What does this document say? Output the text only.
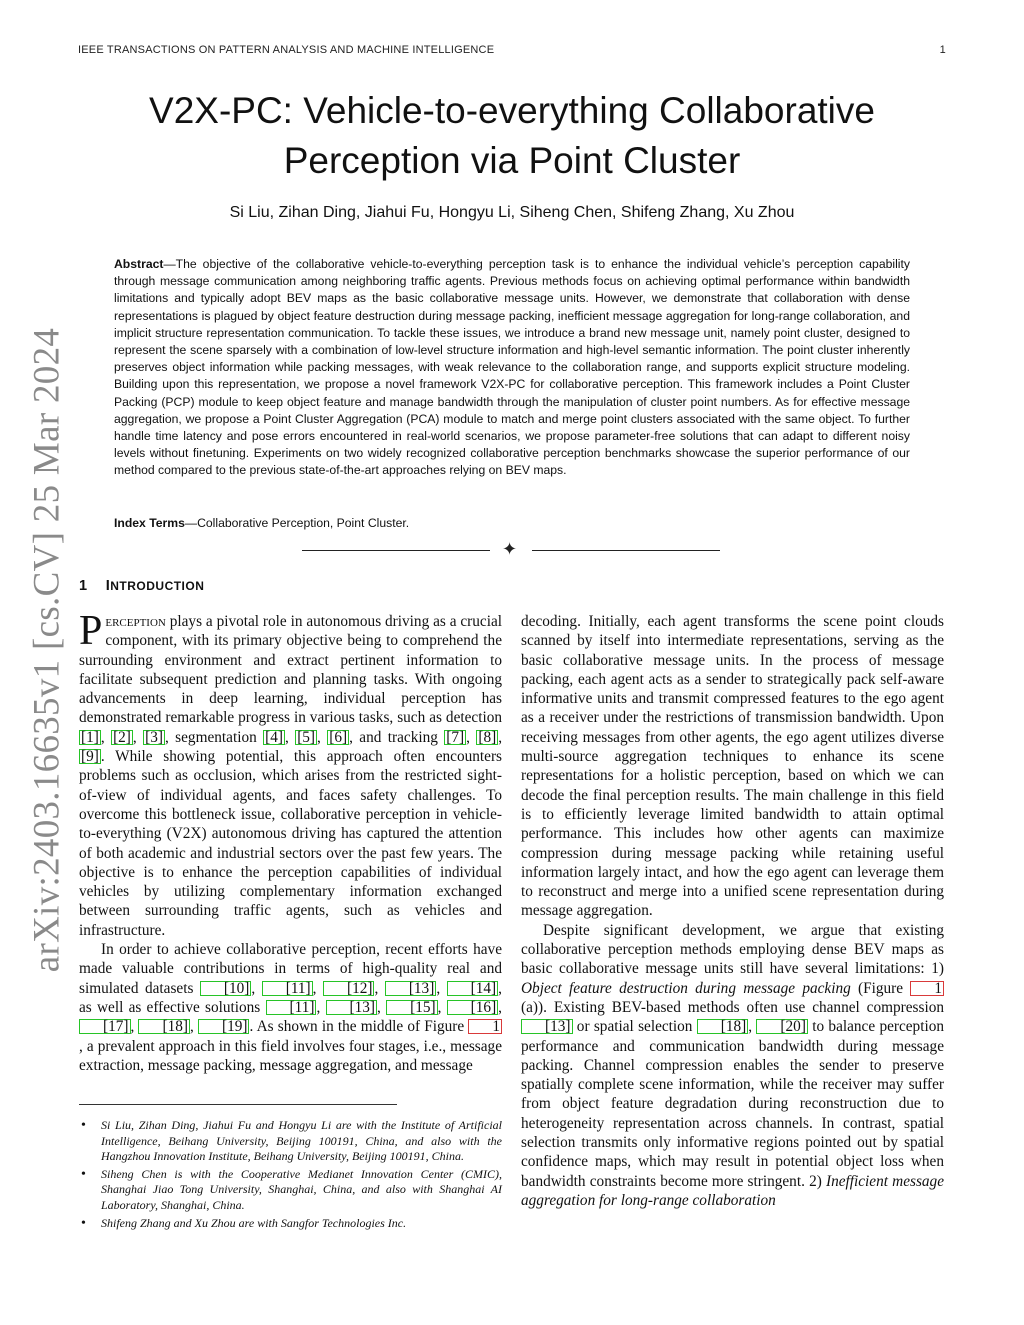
IEEE TRANSACTIONS ON PATTERN ANALYSIS AND MACHINE INTELLIGENCE	1
arXiv:2403.16635v1 [cs.CV] 25 Mar 2024
V2X-PC: Vehicle-to-everything Collaborative
Perception via Point Cluster
Si Liu, Zihan Ding, Jiahui Fu, Hongyu Li, Siheng Chen, Shifeng Zhang, Xu Zhou
Abstract—The objective of the collaborative vehicle-to-everything perception task is to enhance the individual vehicle’s perception capability through message communication among neighboring traffic agents. Previous methods focus on achieving optimal performance within bandwidth limitations and typically adopt BEV maps as the basic collaborative message units. However, we demonstrate that collaboration with dense representations is plagued by object feature destruction during message packing, inefficient message aggregation for long-range collaboration, and implicit structure representation communication. To tackle these issues, we introduce a brand new message unit, namely point cluster, designed to represent the scene sparsely with a combination of low-level structure information and high-level semantic information. The point cluster inherently preserves object information while packing messages, with weak relevance to the collaboration range, and supports explicit structure modeling. Building upon this representation, we propose a novel framework V2X-PC for collaborative perception. This framework includes a Point Cluster Packing (PCP) module to keep object feature and manage bandwidth through the manipulation of cluster point numbers. As for effective message aggregation, we propose a Point Cluster Aggregation (PCA) module to match and merge point clusters associated with the same object. To further handle time latency and pose errors encountered in real-world scenarios, we propose parameter-free solutions that can adapt to different noisy levels without finetuning. Experiments on two widely recognized collaborative perception benchmarks showcase the superior performance of our method compared to the previous state-of-the-art approaches relying on BEV maps.
Index Terms—Collaborative Perception, Point Cluster.
✦
1 INTRODUCTION

Perception plays a pivotal role in autonomous driving as a crucial component, with its primary objective being to comprehend the surrounding environment and extract pertinent information to facilitate subsequent prediction and planning tasks. With ongoing advancements in deep learning, individual perception has demonstrated remarkable progress in various tasks, such as detection [1] , [2] , [3] , segmentation [4] , [5] , [6] , and tracking [7] , [8] , [9] . While showing potential, this approach often encounters problems such as occlusion, which arises from the restricted sight-of-view of individual agents, and faces safety challenges. To overcome this bottleneck issue, collaborative perception in vehicle-to-everything (V2X) autonomous driving has captured the attention of both academic and industrial sectors over the past few years. The objective is to enhance the perception capabilities of individual vehicles by utilizing complementary information exchanged between surrounding traffic agents, such as vehicles and infrastructure.

In order to achieve collaborative perception, recent efforts have made valuable contributions in terms of high-quality real and simulated datasets [10] , [11] , [12] , [13] , [14] , as well as effective solutions [11] , [13] , [15] , [16] , [17] , [18] , [19] . As shown in the middle of Figure 1, a prevalent approach in this field involves four stages, i.e., message extraction, message packing, message aggregation, and message

• Si Liu, Zihan Ding, Jiahui Fu and Hongyu Li are with the Institute of Artificial Intelligence, Beihang University, Beijing 100191, China, and also with the Hangzhou Innovation Institute, Beihang University, Beijing 100191, China.
• Siheng Chen is with the Cooperative Medianet Innovation Center (CMIC), Shanghai Jiao Tong University, Shanghai, China, and also with Shanghai AI Laboratory, Shanghai, China.
• Shifeng Zhang and Xu Zhou are with Sangfor Technologies Inc.

decoding. Initially, each agent transforms the scene point clouds scanned by itself into intermediate representations, serving as the basic collaborative message units. In the process of message packing, each agent acts as a sender to strategically pack self-aware informative units and transmit compressed features to the ego agent as a receiver under the restrictions of transmission bandwidth. Upon receiving messages from other agents, the ego agent utilizes diverse multi-source aggregation techniques to enhance its scene representations for a holistic perception, based on which we can decode the final perception results. The main challenge in this field is to efficiently leverage limited bandwidth to attain optimal performance. This includes how other agents can maximize compression during message packing while retaining useful information largely intact, and how the ego agent can leverage them to reconstruct and merge into a unified scene representation during message aggregation.

Despite significant development, we argue that existing collaborative perception methods employing dense BEV maps as basic collaborative message units still have several limitations: 1) Object feature destruction during message packing (Figure 1 (a)). Existing BEV-based methods often use channel compression [13] or spatial selection [18] , [20] to balance perception performance and communication bandwidth during message packing. Channel compression enables the sender to preserve spatially complete scene information, while the receiver may suffer from object feature degradation during reconstruction due to heterogeneity representation across channels. In contrast, spatial selection transmits only informative regions pointed out by spatial confidence maps, which may result in potential object loss when bandwidth constraints become more stringent. 2) Inefficient message aggregation for long-range collaboration
